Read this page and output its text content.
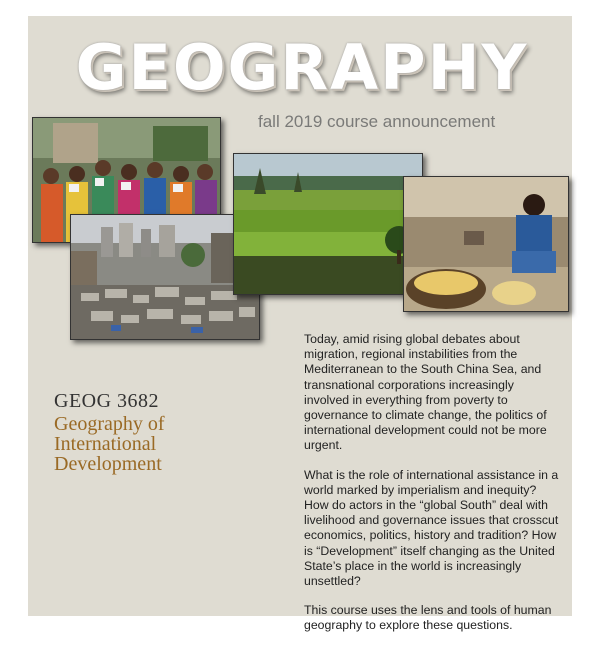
GEOGRAPHY
fall 2019 course announcement
GEOG 3682
Geography of
International
Development

Today, amid rising global debates about migration, regional instabilities from the Mediterranean to the South China Sea, and transnational corporations increasingly involved in everything from poverty to governance to climate change, the politics of international development could not be more urgent.

What is the role of international assistance in a world marked by imperialism and inequity? How do actors in the “global South” deal with livelihood and governance issues that crosscut economics, politics, history and tradition? How is “Development” itself changing as the United State’s place in the world is increasingly unsettled?

This course uses the lens and tools of human geography to explore these questions.
